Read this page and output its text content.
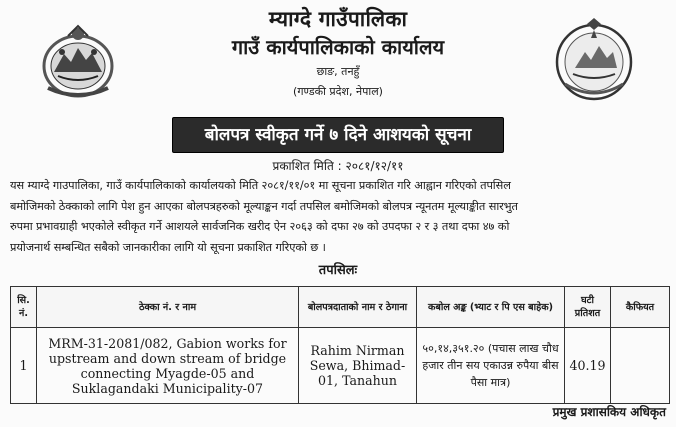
म्याग्दे गाउँपालिका
गाउँ कार्यपालिकाको कार्यालय
छाङ, तनहुँ
(गण्डकी प्रदेश, नेपाल)
बोलपत्र स्वीकृत गर्ने ७ दिने आशयको सूचना
प्रकाशित मिति : २०८१/१२/११
यस म्याग्दे गाउपालिका, गाउँ कार्यपालिकाको कार्यालयको मिति २०८१/११/०१ मा सूचना प्रकाशित गरि आह्वान गरिएको तपसिल
बमोजिमको ठेक्काको लागि पेश हुन आएका बोलपत्रहरुको मूल्याङ्कन गर्दा तपसिल बमोजिमको बोलपत्र न्यूनतम मूल्याङ्कीत सारभुत
रुपमा प्रभावग्राही भएकोले स्वीकृत गर्ने आशयले सार्वजनिक खरीद ऐन २०६३ को दफा २७ को उपदफा २ र ३ तथा दफा ४७ को
प्रयोजनार्थ सम्बन्धित सबैको जानकारीका लागि यो सूचना प्रकाशित गरिएको छ ।
तपसिलः
सि. नं.	ठेक्का नं. र नाम	बोलपत्रदाताको नाम र ठेगाना	कबोल अङ्क (भ्याट र पि एस बाहेक)	घटी प्रतिशत	कैफियत
1	MRM-31-2081/082, Gabion works for upstream and down stream of bridge connecting Myagde-05 and Suklagandaki Municipality-07	Rahim Nirman Sewa, Bhimad-01, Tanahun	५०,१४,३५१.२० (पचास लाख चौध हजार तीन सय एकाउन्न रुपैया बीस पैसा मात्र)	40.19	
प्रमुख प्रशासकिय अधिकृत
